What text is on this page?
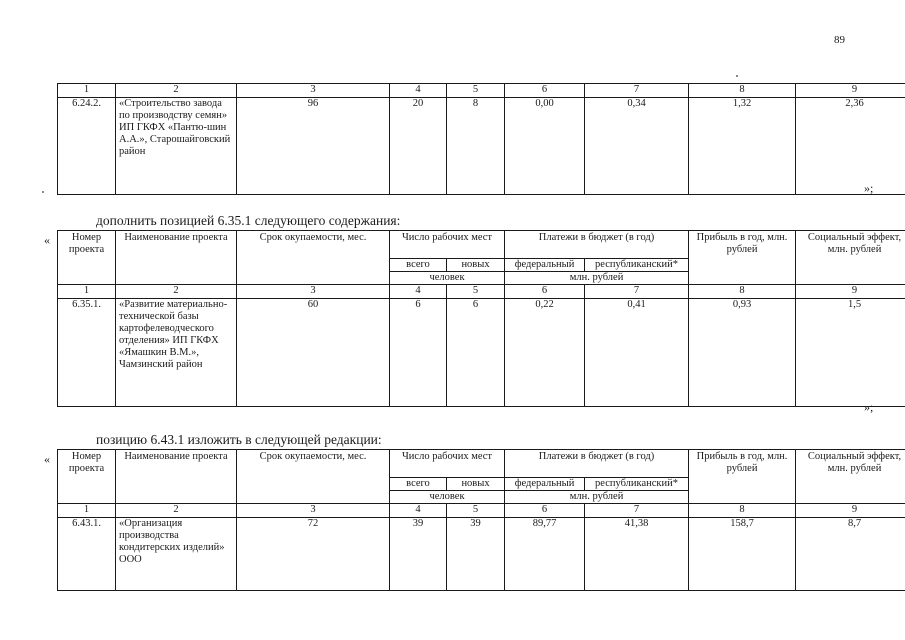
89
1	2	3	4	5	6	7	8	9
6.24.2.	«Строительство завода по производству семян» ИП ГКФХ «Пантю-шин А.А.», Старошайговский район	96	20	8	0,00	0,34	1,32	2,36
»;
дополнить позицией 6.35.1 следующего содержания:
« Номер проекта	Наименование проекта	Срок окупаемости, мес.	Число рабочих мест		Платежи в бюджет (в год)		Прибыль в год, млн. рублей	Социальный эффект, млн. рублей
			всего	новых	федеральный	республиканский*		
			человек		млн. рублей			
1	2	3	4	5	6	7	8	9
6.35.1.	«Развитие материально-технической базы картофелеводческого отделения» ИП ГКФХ «Ямашкин В.М.», Чамзинский район	60	6	6	0,22	0,41	0,93	1,5
»;
позицию 6.43.1 изложить в следующей редакции:
« Номер проекта	Наименование проекта	Срок окупаемости, мес.	Число рабочих мест		Платежи в бюджет (в год)		Прибыль в год, млн. рублей	Социальный эффект, млн. рублей
			всего	новых	федеральный	республиканский*		
			человек		млн. рублей			
1	2	3	4	5	6	7	8	9
6.43.1.	«Организация производства кондитерских изделий» ООО	72	39	39	89,77	41,38	158,7	8,7
